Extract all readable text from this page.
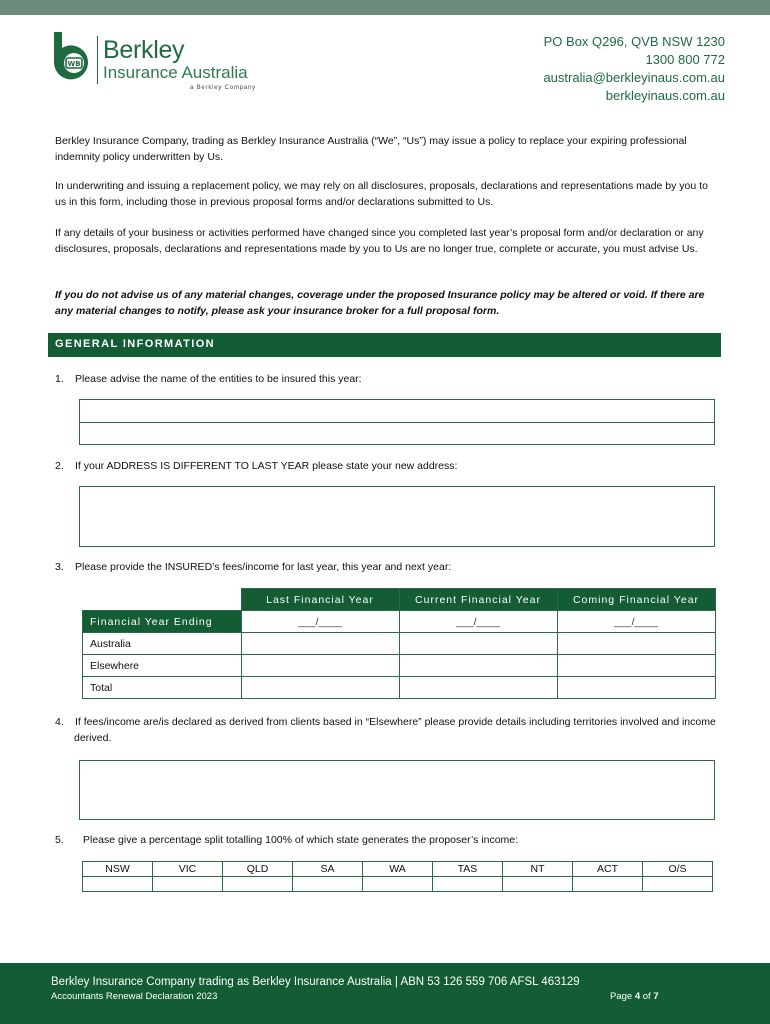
WB Berkley
Insurance Australia
a Berkley Company
PO Box Q296, QVB NSW 1230
1300 800 772
australia@berkleyinaus.com.au
berkleyinaus.com.au
Berkley Insurance Company, trading as Berkley Insurance Australia (“We”, “Us”) may issue a policy to replace your expiring professional indemnity policy underwritten by Us.
In underwriting and issuing a replacement policy, we may rely on all disclosures, proposals, declarations and representations made by you to us in this form, including those in previous proposal forms and/or declarations submitted to Us.
If any details of your business or activities performed have changed since you completed last year’s proposal form and/or declaration or any disclosures, proposals, declarations and representations made by you to Us are no longer true, complete or accurate, you must advise Us.
If you do not advise us of any material changes, coverage under the proposed Insurance policy may be altered or void. If there are any material changes to notify, please ask your insurance broker for a full proposal form.
GENERAL INFORMATION
1. Please advise the name of the entities to be insured this year:
2. If your ADDRESS IS DIFFERENT TO LAST YEAR please state your new address:
3. Please provide the INSURED’s fees/income for last year, this year and next year:
	Last Financial Year	Current Financial Year	Coming Financial Year
Financial Year Ending	___/____	___/____	___/____
Australia			
Elsewhere			
Total			
4. If fees/income are/is declared as derived from clients based in “Elsewhere” please provide details including territories involved and income derived.
5. Please give a percentage split totalling 100% of which state generates the proposer’s income:
NSW	VIC	QLD	SA	WA	TAS	NT	ACT	O/S

Berkley Insurance Company trading as Berkley Insurance Australia | ABN 53 126 559 706 AFSL 463129
Accountants Renewal Declaration 2023	Page 4 of 7
